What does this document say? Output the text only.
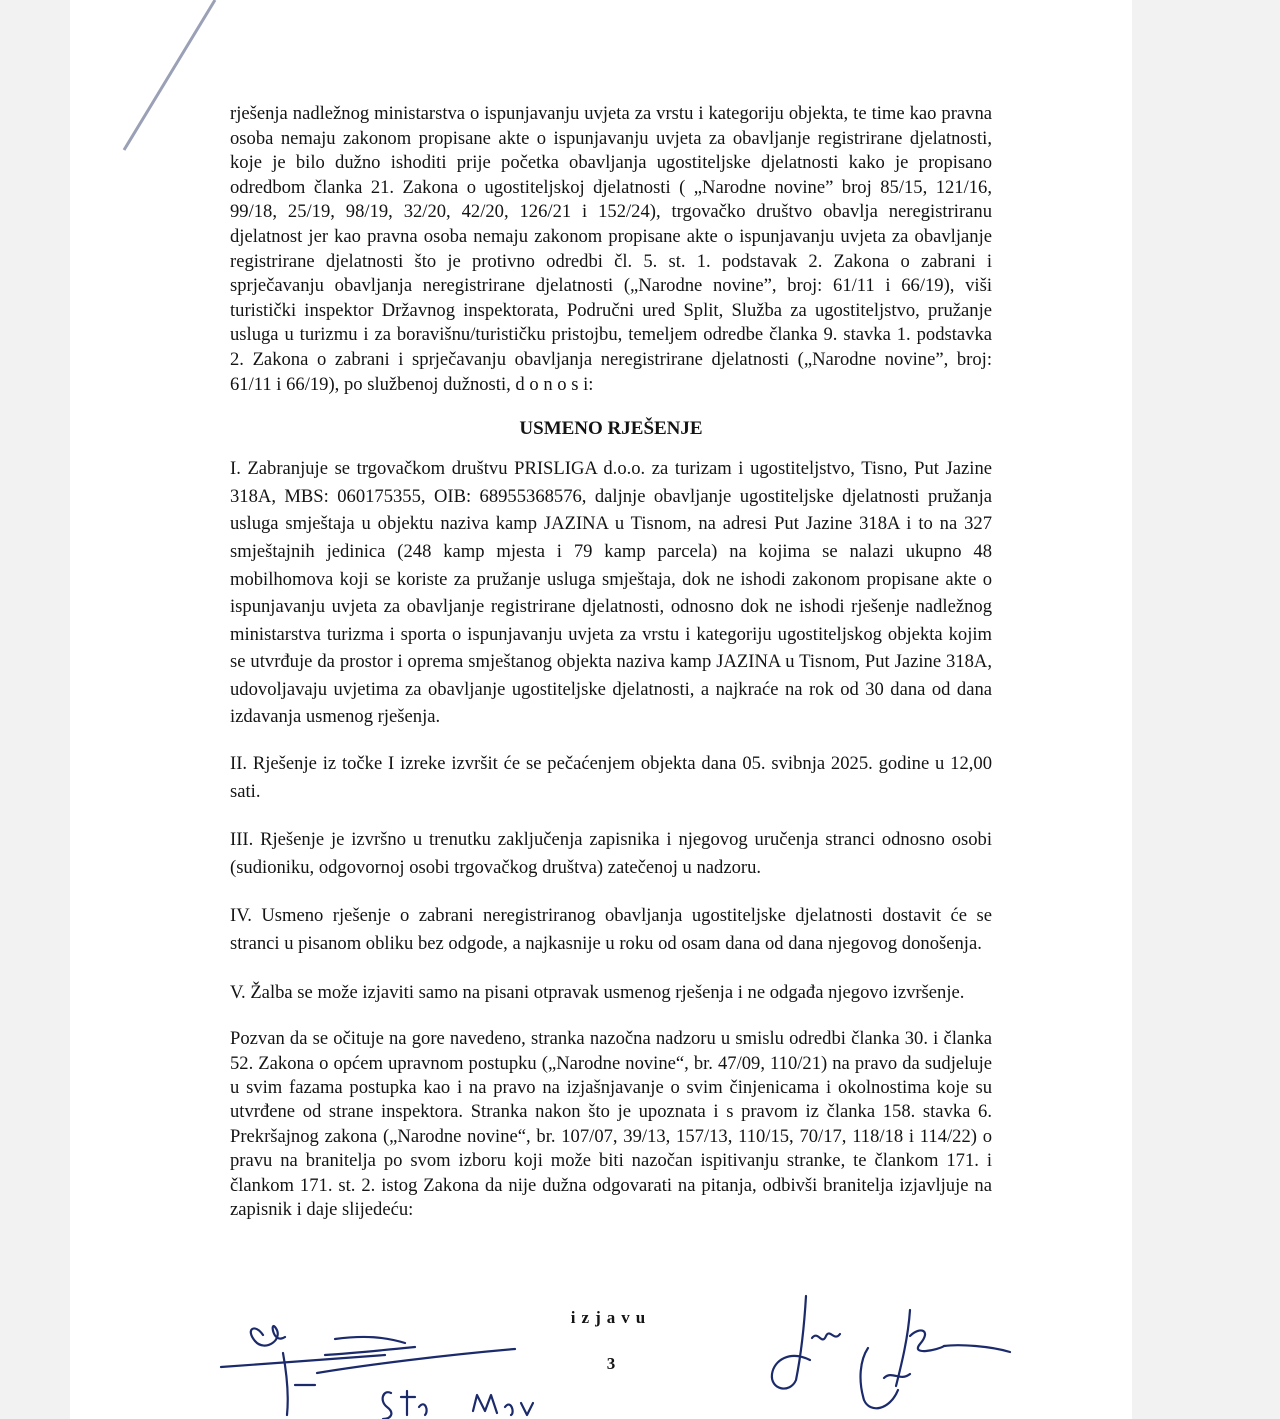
rješenja nadležnog ministarstva o ispunjavanju uvjeta za vrstu i kategoriju objekta, te time kao pravna osoba nemaju zakonom propisane akte o ispunjavanju uvjeta za obavljanje registrirane djelatnosti, koje je bilo dužno ishoditi prije početka obavljanja ugostiteljske djelatnosti kako je propisano odredbom članka 21. Zakona o ugostiteljskoj djelatnosti ( „Narodne novine” broj 85/15, 121/16, 99/18, 25/19, 98/19, 32/20, 42/20, 126/21 i 152/24), trgovačko društvo obavlja neregistriranu djelatnost jer kao pravna osoba nemaju zakonom propisane akte o ispunjavanju uvjeta za obavljanje registrirane djelatnosti što je protivno odredbi čl. 5. st. 1. podstavak 2. Zakona o zabrani i sprječavanju obavljanja neregistrirane djelatnosti („Narodne novine”, broj: 61/11 i 66/19), viši turistički inspektor Državnog inspektorata, Područni ured Split, Služba za ugostiteljstvo, pružanje usluga u turizmu i za boravišnu/turističku pristojbu, temeljem odredbe članka 9. stavka 1. podstavka 2. Zakona o zabrani i sprječavanju obavljanja neregistrirane djelatnosti („Narodne novine”, broj: 61/11 i 66/19), po službenoj dužnosti, d o n o s i:

USMENO RJEŠENJE

I. Zabranjuje se trgovačkom društvu PRISLIGA d.o.o. za turizam i ugostiteljstvo, Tisno, Put Jazine 318A, MBS: 060175355, OIB: 68955368576, daljnje obavljanje ugostiteljske djelatnosti pružanja usluga smještaja u objektu naziva kamp JAZINA u Tisnom, na adresi Put Jazine 318A i to na 327 smještajnih jedinica (248 kamp mjesta i 79 kamp parcela) na kojima se nalazi ukupno 48 mobilhomova koji se koriste za pružanje usluga smještaja, dok ne ishodi zakonom propisane akte o ispunjavanju uvjeta za obavljanje registrirane djelatnosti, odnosno dok ne ishodi rješenje nadležnog ministarstva turizma i sporta o ispunjavanju uvjeta za vrstu i kategoriju ugostiteljskog objekta kojim se utvrđuje da prostor i oprema smještanog objekta naziva kamp JAZINA u Tisnom, Put Jazine 318A, udovoljavaju uvjetima za obavljanje ugostiteljske djelatnosti, a najkraće na rok od 30 dana od dana izdavanja usmenog rješenja.

II. Rješenje iz točke I izreke izvršit će se pečaćenjem objekta dana 05. svibnja 2025. godine u 12,00 sati.

III. Rješenje je izvršno u trenutku zaključenja zapisnika i njegovog uručenja stranci odnosno osobi (sudioniku, odgovornoj osobi trgovačkog društva) zatečenoj u nadzoru.

IV. Usmeno rješenje o zabrani neregistriranog obavljanja ugostiteljske djelatnosti dostavit će se stranci u pisanom obliku bez odgode, a najkasnije u roku od osam dana od dana njegovog donošenja.

V. Žalba se može izjaviti samo na pisani otpravak usmenog rješenja i ne odgađa njegovo izvršenje.

Pozvan da se očituje na gore navedeno, stranka nazočna nadzoru u smislu odredbi članka 30. i članka 52. Zakona o općem upravnom postupku („Narodne novine“, br. 47/09, 110/21) na pravo da sudjeluje u svim fazama postupka kao i na pravo na izjašnjavanje o svim činjenicama i okolnostima koje su utvrđene od strane inspektora. Stranka nakon što je upoznata i s pravom iz članka 158. stavka 6. Prekršajnog zakona („Narodne novine“, br. 107/07, 39/13, 157/13, 110/15, 70/17, 118/18 i 114/22) o pravu na branitelja po svom izboru koji može biti nazočan ispitivanju stranke, te člankom 171. i člankom 171. st. 2. istog Zakona da nije dužna odgovarati na pitanja, odbivši branitelja izjavljuje na zapisnik i daje slijedeću:

izjavu
3
